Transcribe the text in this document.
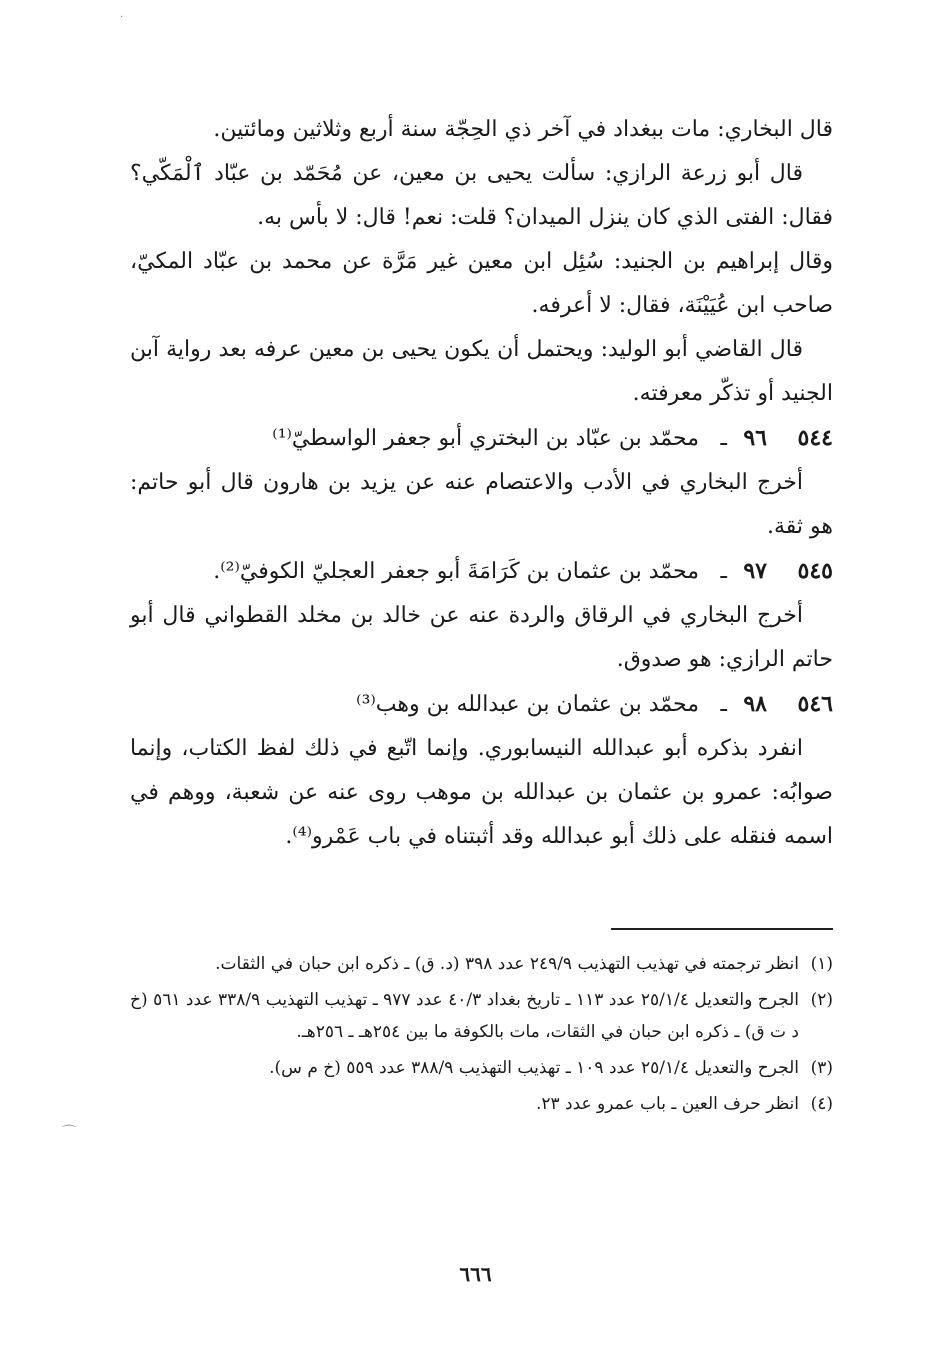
·
⌒

قال البخاري: مات ببغداد في آخر ذي الحِجّة سنة أربع وثلاثين ومائتين.

قال أبو زرعة الرازي: سألت يحيى بن معين، عن مُحَمّد بن عبّاد ٱلْمَكّي؟ فقال: الفتى الذي كان ينزل الميدان؟ قلت: نعم! قال: لا بأس به.

وقال إبراهيم بن الجنيد: سُئِل ابن معين غير مَرَّة عن محمد بن عبّاد المكيّ، صاحب ابن عُيَيْنَة، فقال: لا أعرفه.

قال القاضي أبو الوليد: ويحتمل أن يكون يحيى بن معين عرفه بعد رواية آبن الجنيد أو تذكّر معرفته.

٥٤٤
٩٦
ـ
محمّد بن عبّاد بن البختري أبو جعفر الواسطيّ⁽¹⁾

أخرج البخاري في الأدب والاعتصام عنه عن يزيد بن هارون قال أبو حاتم: هو ثقة.

٥٤٥
٩٧
ـ
محمّد بن عثمان بن كَرَامَةَ أبو جعفر العجليّ الكوفيّ⁽²⁾.

أخرج البخاري في الرقاق والردة عنه عن خالد بن مخلد القطواني قال أبو حاتم الرازي: هو صدوق.

٥٤٦
٩٨
ـ
محمّد بن عثمان بن عبدالله بن وهب⁽³⁾

انفرد بذكره أبو عبدالله النيسابوري. وإنما اتّبع في ذلك لفظ الكتاب، وإنما صوابُه: عمرو بن عثمان بن عبدالله بن موهب روى عنه عن شعبة، ووهم في اسمه فنقله على ذلك أبو عبدالله وقد أثبتناه في باب عَمْرو⁽⁴⁾.

(١)
انظر ترجمته في تهذيب التهذيب ٢٤٩/٩ عدد ٣٩٨ (د. ق) ـ ذكره ابن حبان في الثقات.
(٢)
الجرح والتعديل ٢٥/١/٤ عدد ١١٣ ـ تاريخ بغداد ٤٠/٣ عدد ٩٧٧ ـ تهذيب التهذيب ٣٣٨/٩ عدد ٥٦١ (خ د ت ق) ـ ذكره ابن حبان في الثقات، مات بالكوفة ما بين ٢٥٤هـ ـ ٢٥٦هـ.
(٣)
الجرح والتعديل ٢٥/١/٤ عدد ١٠٩ ـ تهذيب التهذيب ٣٨٨/٩ عدد ٥٥٩ (خ م س).
(٤)
انظر حرف العين ـ باب عمرو عدد ٢٣.
٦٦٦
